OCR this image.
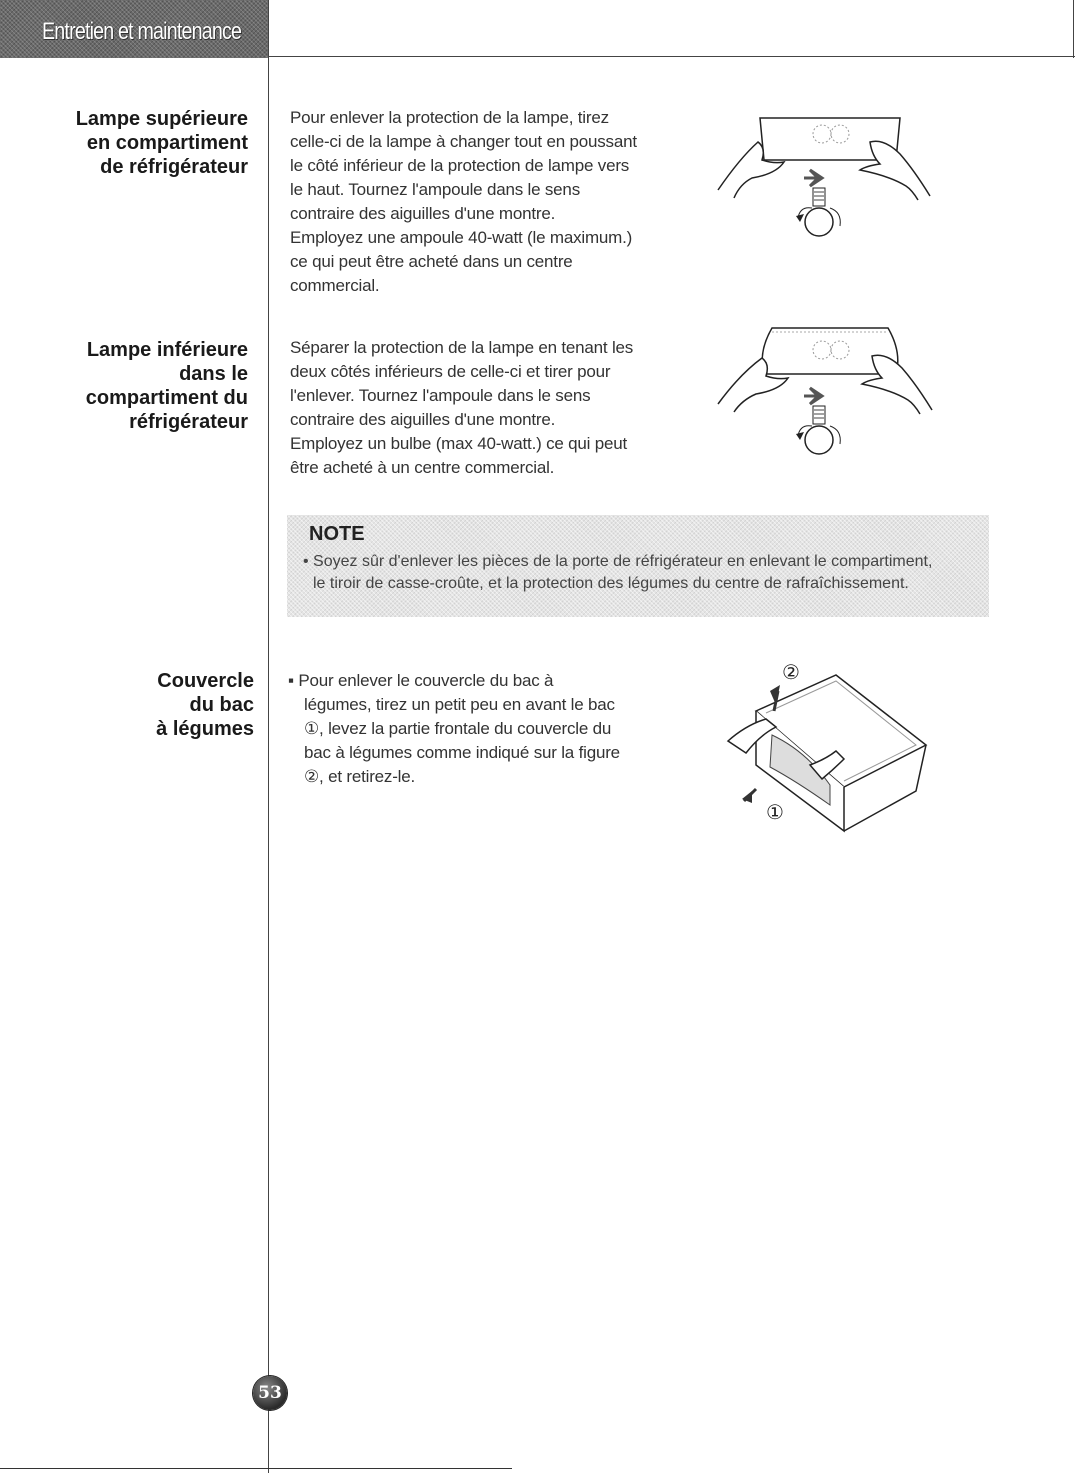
Entretien et maintenance
Lampe supérieure
en compartiment
de réfrigérateur
Pour enlever la protection de la lampe, tirez
celle-ci de la lampe à changer tout en poussant
le côté inférieur de la protection de lampe vers
le haut. Tournez l'ampoule dans le sens
contraire des aiguilles d'une montre.
Employez une ampoule 40-watt (le maximum.)
ce qui peut être acheté dans un centre
commercial.
Lampe inférieure
dans le
compartiment du
réfrigérateur
Séparer la protection de la lampe en tenant les
deux côtés inférieurs de celle-ci et tirer pour
l'enlever. Tournez l'ampoule dans le sens
contraire des aiguilles d'une montre.
Employez un bulbe (max 40-watt.) ce qui peut
être acheté à un centre commercial.
NOTE
• Soyez sûr d'enlever les pièces de la porte de réfrigérateur en enlevant le compartiment,
le tiroir de casse-croûte, et la protection des légumes du centre de rafraîchissement.
Couvercle
du bac
à légumes
▪ Pour enlever le couvercle du bac à
légumes, tirez un petit peu en avant le bac
①, levez la partie frontale du couvercle du
bac à légumes comme indiqué sur la figure
②, et retirez-le.
②
①
53
